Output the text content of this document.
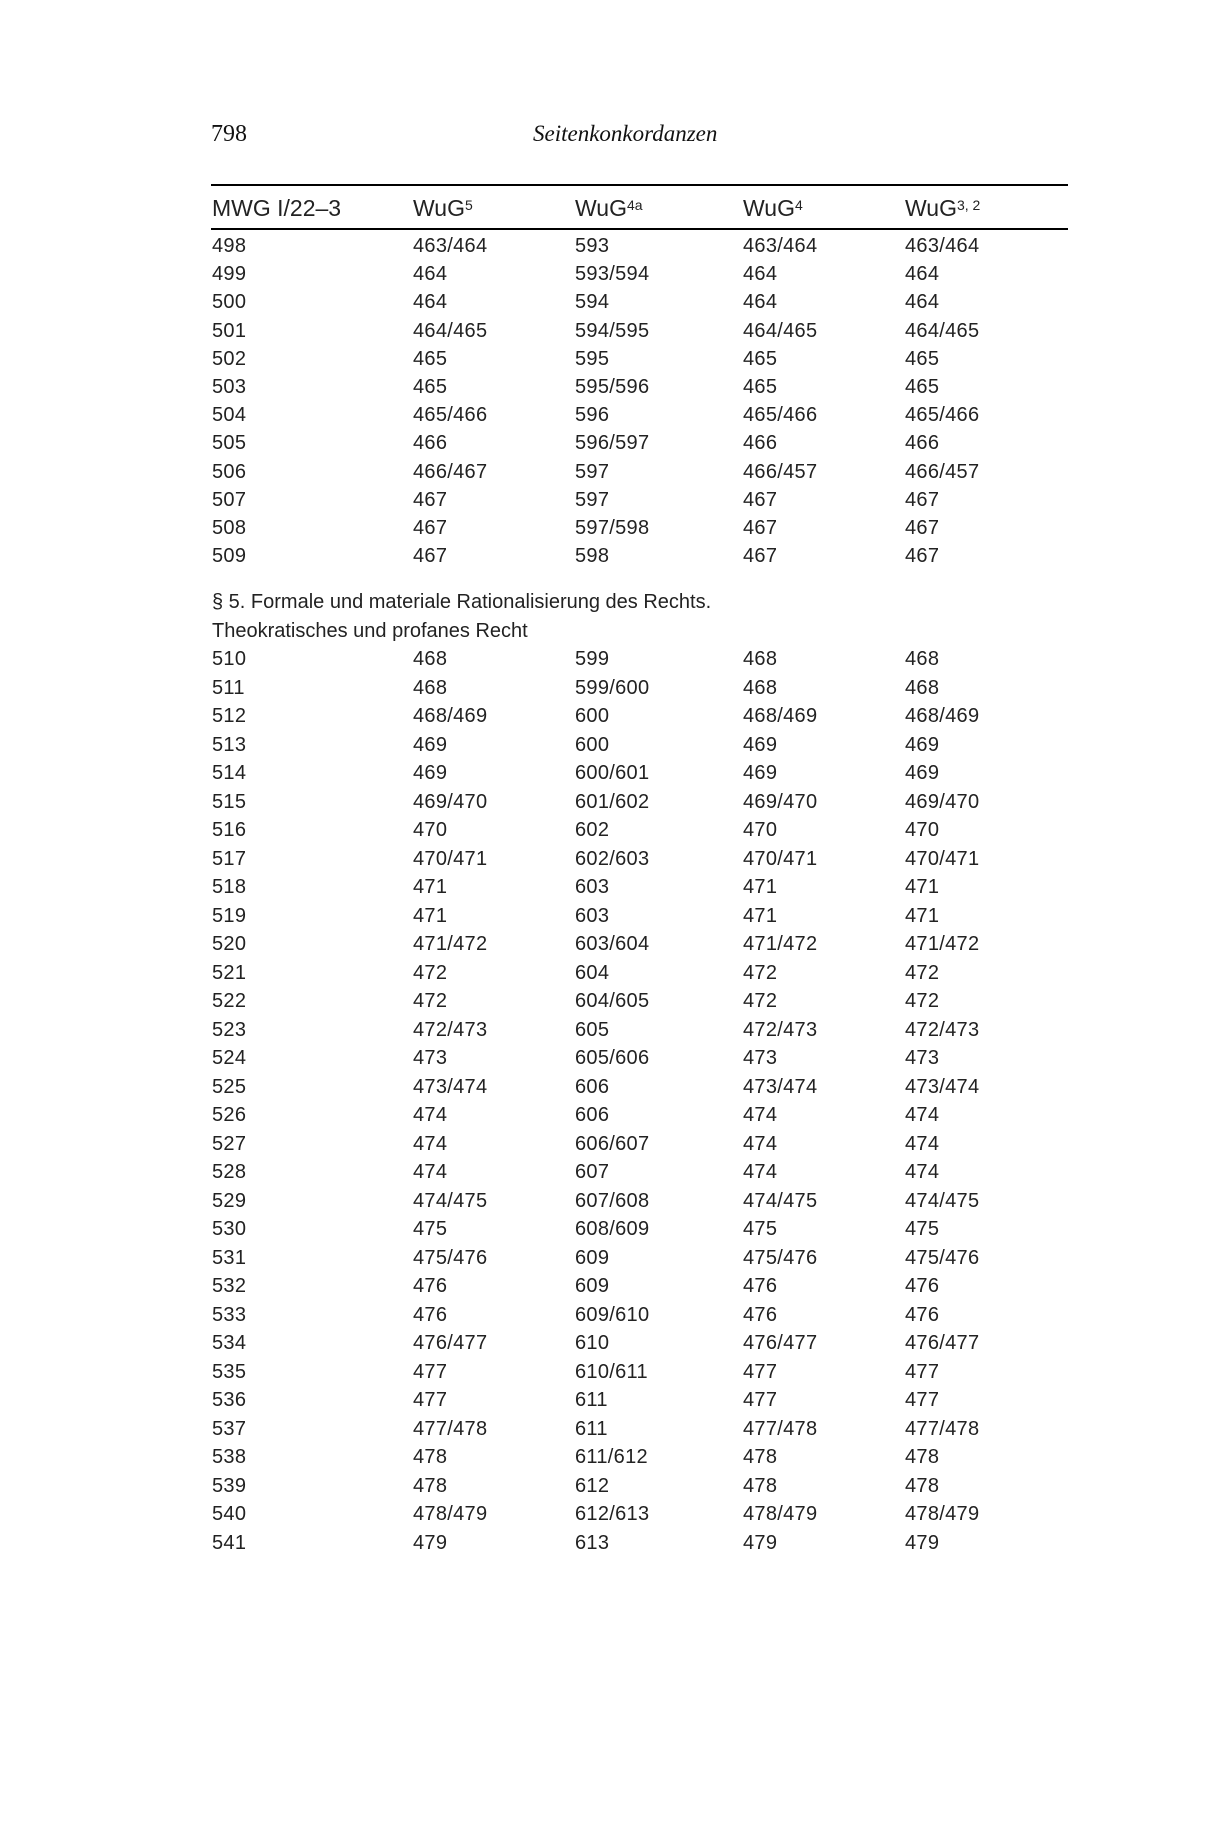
798	Seitenkonkordanzen
MWG I/22–3	WuG$^5$	WuG$^{4a}$	WuG$^4$	WuG$^{3, 2}$
498	463/464	593	463/464	463/464
499	464	593/594	464	464
500	464	594	464	464
501	464/465	594/595	464/465	464/465
502	465	595	465	465
503	465	595/596	465	465
504	465/466	596	465/466	465/466
505	466	596/597	466	466
506	466/467	597	466/457	466/457
507	467	597	467	467
508	467	597/598	467	467
509	467	598	467	467
§ 5. Formale und materiale Rationalisierung des Rechts.
Theokratisches und profanes Recht
510	468	599	468	468
511	468	599/600	468	468
512	468/469	600	468/469	468/469
513	469	600	469	469
514	469	600/601	469	469
515	469/470	601/602	469/470	469/470
516	470	602	470	470
517	470/471	602/603	470/471	470/471
518	471	603	471	471
519	471	603	471	471
520	471/472	603/604	471/472	471/472
521	472	604	472	472
522	472	604/605	472	472
523	472/473	605	472/473	472/473
524	473	605/606	473	473
525	473/474	606	473/474	473/474
526	474	606	474	474
527	474	606/607	474	474
528	474	607	474	474
529	474/475	607/608	474/475	474/475
530	475	608/609	475	475
531	475/476	609	475/476	475/476
532	476	609	476	476
533	476	609/610	476	476
534	476/477	610	476/477	476/477
535	477	610/611	477	477
536	477	611	477	477
537	477/478	611	477/478	477/478
538	478	611/612	478	478
539	478	612	478	478
540	478/479	612/613	478/479	478/479
541	479	613	479	479
